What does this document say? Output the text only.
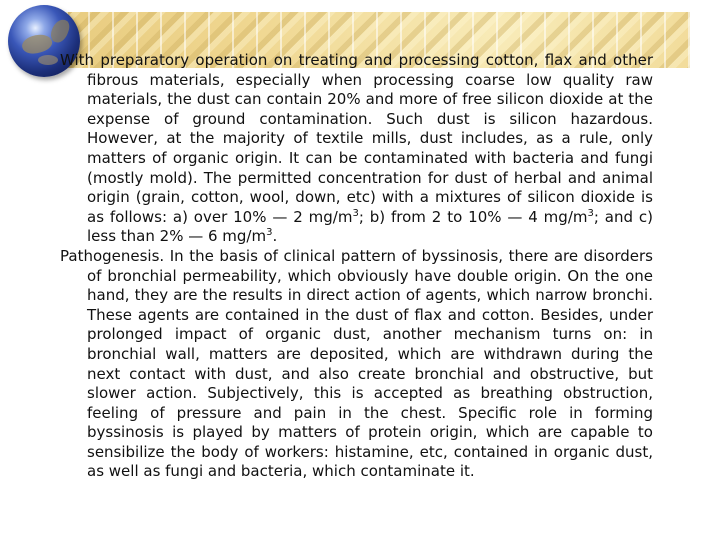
With preparatory operation on treating and processing cotton, flax and other fibrous materials, especially when processing coarse low quality raw materials, the dust can contain 20% and more of free silicon dioxide at the expense of ground contamination. Such dust is silicon hazardous. However, at the majority of textile mills, dust includes, as a rule, only matters of organic origin. It can be contaminated with bacteria and fungi (mostly mold). The permitted concentration for dust of herbal and animal origin (grain, cotton, wool, down, etc) with a mixtures of silicon dioxide is as follows: a) over 10% — 2 $mg/m^3$; b) from 2 to 10% — 4 $mg/m^3$; and c) less than 2% — 6 $mg/m^3$.

Pathogenesis. In the basis of clinical pattern of byssinosis, there are disorders of bronchial permeability, which obviously have double origin. On the one hand, they are the results in direct action of agents, which narrow bronchi. These agents are contained in the dust of flax and cotton. Besides, under prolonged impact of organic dust, another mechanism turns on: in bronchial wall, matters are deposited, which are withdrawn during the next contact with dust, and also create bronchial and obstructive, but slower action. Subjectively, this is accepted as breathing obstruction, feeling of pressure and pain in the chest. Specific role in forming byssinosis is played by matters of protein origin, which are capable to sensibilize the body of workers: histamine, etc, contained in organic dust, as well as fungi and bacteria, which contaminate it.
